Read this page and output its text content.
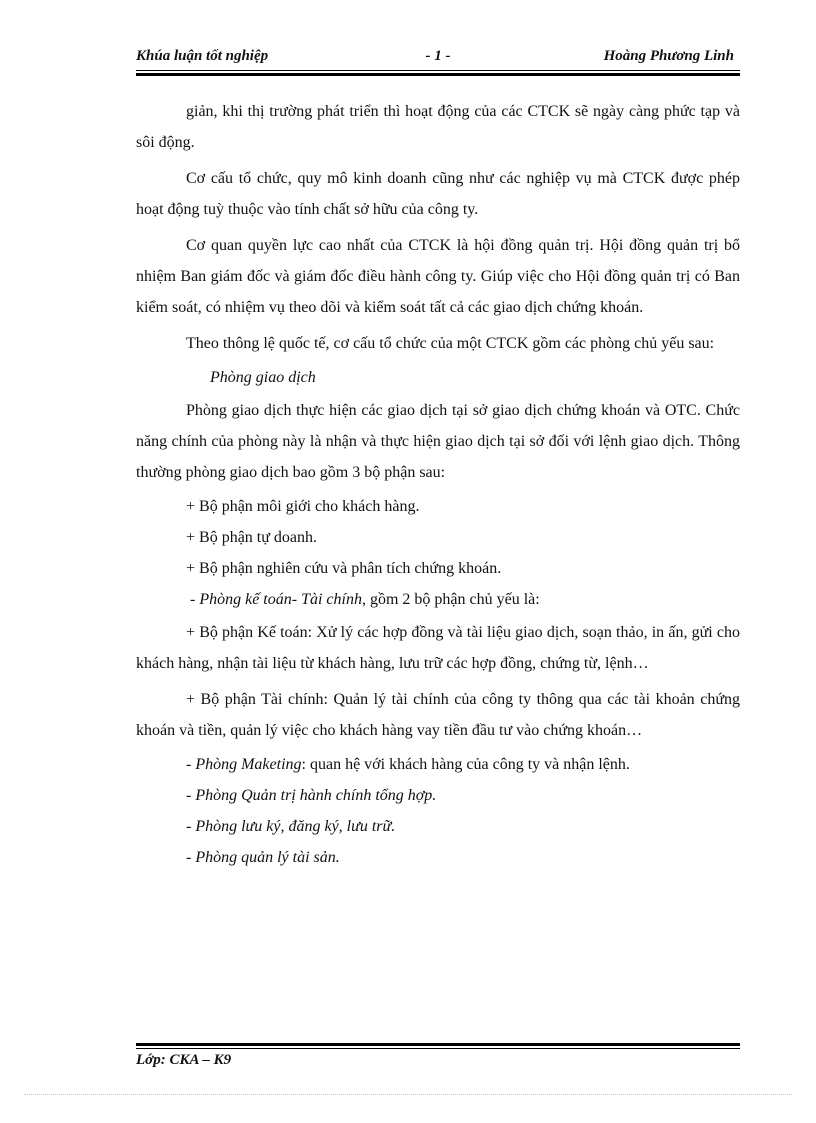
Khúa luận tốt nghiệp	- 1 -	Hoàng Phương Linh

giản, khi thị trường phát triển thì hoạt động của các CTCK sẽ ngày càng phức tạp và sôi động.

Cơ cấu tổ chức, quy mô kinh doanh cũng như các nghiệp vụ mà CTCK được phép hoạt động tuỳ thuộc vào tính chất sở hữu của công ty.

Cơ quan quyền lực cao nhất của CTCK là hội đồng quản trị. Hội đồng quản trị bổ nhiệm Ban giám đốc và giám đốc điều hành công ty. Giúp việc cho Hội đồng quản trị có Ban kiểm soát, có nhiệm vụ theo dõi và kiểm soát tất cả các giao dịch chứng khoán.

Theo thông lệ quốc tế, cơ cấu tổ chức của một CTCK gồm các phòng chủ yếu sau:

Phòng giao dịch

Phòng giao dịch thực hiện các giao dịch tại sở giao dịch chứng khoán và OTC. Chức năng chính của phòng này là nhận và thực hiện giao dịch tại sở đối với lệnh giao dịch. Thông thường phòng giao dịch bao gồm 3 bộ phận sau:

+ Bộ phận môi giới cho khách hàng.

+ Bộ phận tự doanh.

+ Bộ phận nghiên cứu và phân tích chứng khoán.

- Phòng kế toán- Tài chính, gồm 2 bộ phận chủ yếu là:

+ Bộ phận Kế toán: Xử lý các hợp đồng và tài liệu giao dịch, soạn thảo, in ấn, gửi cho khách hàng, nhận tài liệu từ khách hàng, lưu trữ các hợp đồng, chứng từ, lệnh…

+ Bộ phận Tài chính: Quản lý tài chính của công ty thông qua các tài khoản chứng khoán và tiền, quản lý việc cho khách hàng vay tiền đầu tư vào chứng khoán…

- Phòng Maketing: quan hệ với khách hàng của công ty và nhận lệnh.

- Phòng Quản trị hành chính tổng hợp.

- Phòng lưu ký, đăng ký, lưu trữ.

- Phòng quản lý tài sản.

Lớp: CKA – K9
